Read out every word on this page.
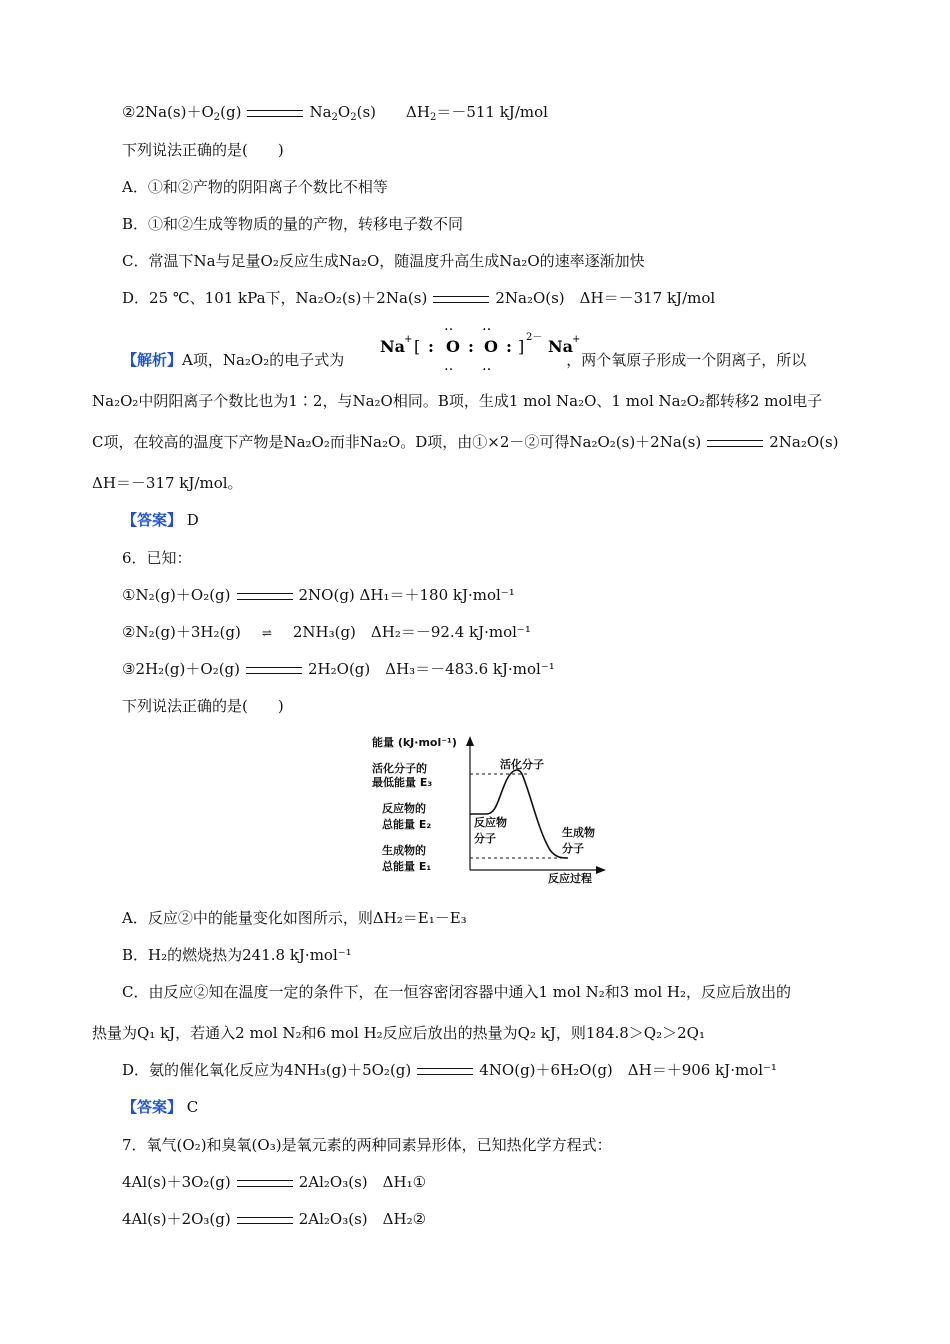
$②2Na(s)+O_2(g)$	$Na_2O_2(s)$　　 $\Delta H_2=-511$ kJ/mol
下列说法正确的是(　　)
A．①和②产物的阴阳离子个数比不相等
B．①和②生成等物质的量的产物，转移电子数不同
C．常温下Na与足量O₂反应生成Na₂O，随温度升高生成Na₂O的速率逐渐加快
D．25 ℃、101 kPa下，Na₂O₂(s)＋2Na(s)	2Na₂O(s)　ΔH＝－317 kJ/mol
Na + [ :
‥
O
‥
:
‥
O
‥
: ] 2－ Na +
【解析】A项，Na₂O₂的电子式为	，两个氧原子形成一个阴离子，所以
Na₂O₂中阴阳离子个数比也为1∶2，与Na₂O相同。B项，生成1 mol Na₂O、1 mol Na₂O₂都转移2 mol电子
C项，在较高的温度下产物是Na₂O₂而非Na₂O。D项，由①×2－②可得Na₂O₂(s)＋2Na(s)	2Na₂O(s)
ΔH＝－317 kJ/mol。
【答案】 D
6．已知：
①N₂(g)＋O₂(g)	2NO(g) ΔH₁＝＋180 kJ·mol⁻¹
②N₂(g)＋3H₂(g) ⇌ 2NH₃(g)　ΔH₂＝－92.4 kJ·mol⁻¹
③2H₂(g)＋O₂(g)	2H₂O(g)　ΔH₃＝－483.6 kJ·mol⁻¹
下列说法正确的是(　　)
能量 (kJ·mol⁻¹)
活化分子的
最低能量 E₃
反应物的
总能量 E₂
生成物的
总能量 E₁
活化分子
反应物
分子	生成物
分子
反应过程
A．反应②中的能量变化如图所示，则ΔH₂＝E₁－E₃
B．H₂的燃烧热为241.8 kJ·mol⁻¹
C．由反应②知在温度一定的条件下，在一恒容密闭容器中通入1 mol N₂和3 mol H₂，反应后放出的
热量为Q₁ kJ，若通入2 mol N₂和6 mol H₂反应后放出的热量为Q₂ kJ，则184.8＞Q₂＞2Q₁
D．氨的催化氧化反应为4NH₃(g)＋5O₂(g)	4NO(g)＋6H₂O(g)　ΔH＝＋906 kJ·mol⁻¹
【答案】 C
7．氧气(O₂)和臭氧(O₃)是氧元素的两种同素异形体，已知热化学方程式：
4Al(s)＋3O₂(g)	2Al₂O₃(s)　ΔH₁①
4Al(s)＋2O₃(g)	2Al₂O₃(s)　ΔH₂②
